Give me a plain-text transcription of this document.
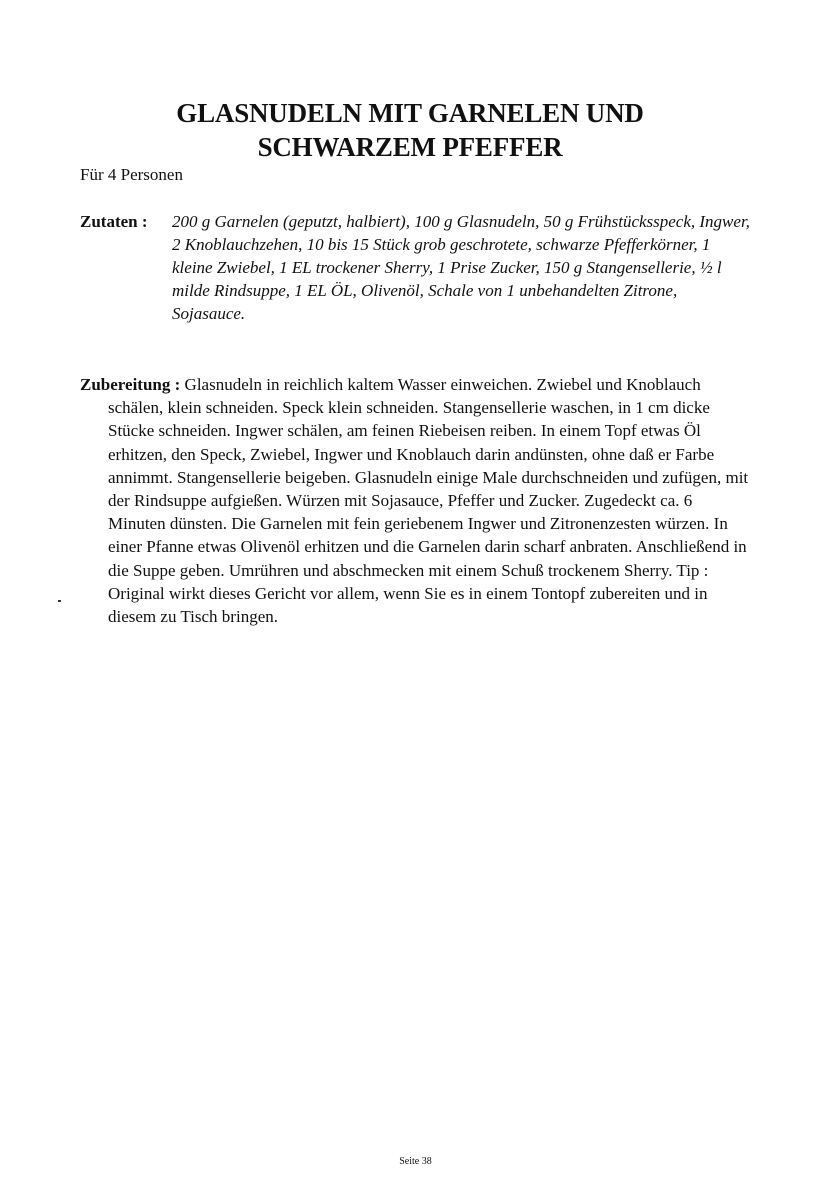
GLASNUDELN MIT GARNELEN UND
SCHWARZEM PFEFFER

Für 4 Personen

Zutaten : 200 g Garnelen (geputzt, halbiert), 100 g Glasnudeln, 50 g Frühstücksspeck, Ingwer, 2 Knoblauchzehen, 10 bis 15 Stück grob geschrotete, schwarze Pfefferkörner, 1 kleine Zwiebel, 1 EL trockener Sherry, 1 Prise Zucker, 150 g Stangensellerie, ½ l milde Rindsuppe, 1 EL ÖL, Olivenöl, Schale von 1 unbehandelten Zitrone, Sojasauce.
Zubereitung : Glasnudeln in reichlich kaltem Wasser einweichen. Zwiebel und Knoblauch schälen, klein schneiden. Speck klein schneiden. Stangensellerie waschen, in 1 cm dicke Stücke schneiden. Ingwer schälen, am feinen Riebeisen reiben. In einem Topf etwas Öl erhitzen, den Speck, Zwiebel, Ingwer und Knoblauch darin andünsten, ohne daß er Farbe annimmt. Stangensellerie beigeben. Glasnudeln einige Male durchschneiden und zufügen, mit der Rindsuppe aufgießen. Würzen mit Sojasauce, Pfeffer und Zucker. Zugedeckt ca. 6 Minuten dünsten. Die Garnelen mit fein geriebenem Ingwer und Zitronenzesten würzen. In einer Pfanne etwas Olivenöl erhitzen und die Garnelen darin scharf anbraten. Anschließend in die Suppe geben. Umrühren und abschmecken mit einem Schuß trockenem Sherry. Tip : Original wirkt dieses Gericht vor allem, wenn Sie es in einem Tontopf zubereiten und in diesem zu Tisch bringen.
Seite 38
